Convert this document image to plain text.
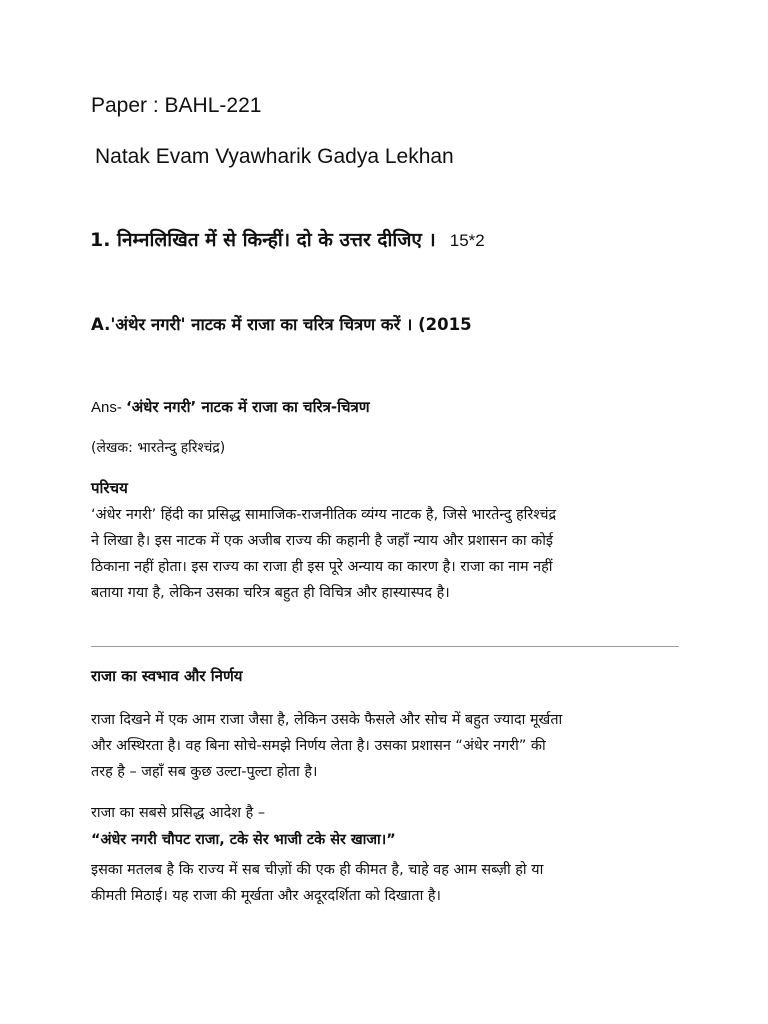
Paper : BAHL-221
Natak Evam Vyawharik Gadya Lekhan
1. निम्नलिखित में से किन्हीं। दो के उत्तर दीजिए । 15*2
A.'अंथेर नगरी' नाटक में राजा का चरित्र चित्रण करें । (2015
Ans- ‘अंधेर नगरी’ नाटक में राजा का चरित्र-चित्रण
(लेखक: भारतेन्दु हरिश्चंद्र)
परिचय
‘अंधेर नगरी’ हिंदी का प्रसिद्ध सामाजिक-राजनीतिक व्यंग्य नाटक है, जिसे भारतेन्दु हरिश्चंद्र
ने लिखा है। इस नाटक में एक अजीब राज्य की कहानी है जहाँ न्याय और प्रशासन का कोई
ठिकाना नहीं होता। इस राज्य का राजा ही इस पूरे अन्याय का कारण है। राजा का नाम नहीं
बताया गया है, लेकिन उसका चरित्र बहुत ही विचित्र और हास्यास्पद है।
राजा का स्वभाव और निर्णय
राजा दिखने में एक आम राजा जैसा है, लेकिन उसके फैसले और सोच में बहुत ज्यादा मूर्खता
और अस्थिरता है। वह बिना सोचे-समझे निर्णय लेता है। उसका प्रशासन “अंधेर नगरी” की
तरह है – जहाँ सब कुछ उल्टा-पुल्टा होता है।
राजा का सबसे प्रसिद्ध आदेश है –
“अंधेर नगरी चौपट राजा, टके सेर भाजी टके सेर खाजा।”
इसका मतलब है कि राज्य में सब चीज़ों की एक ही कीमत है, चाहे वह आम सब्ज़ी हो या
कीमती मिठाई। यह राजा की मूर्खता और अदूरदर्शिता को दिखाता है।
